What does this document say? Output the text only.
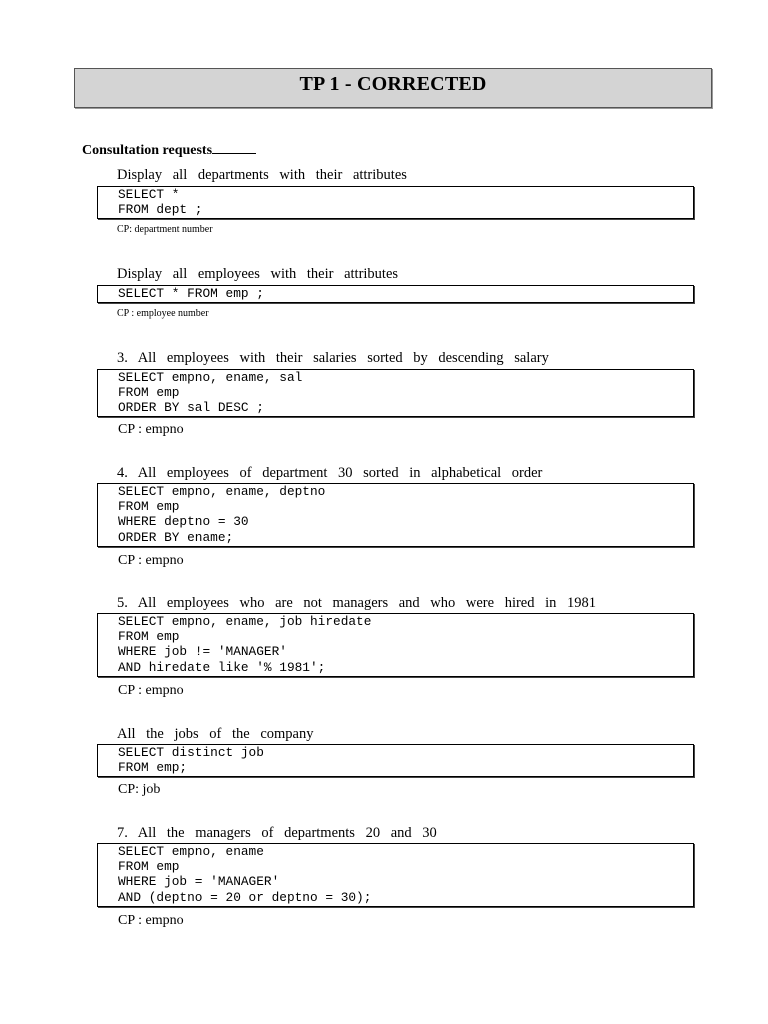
TP 1 - CORRECTED
Consultation requests
Display all departments with their attributes
SELECT *
FROM dept ;
CP: department number
Display all employees with their attributes
SELECT * FROM emp ;
CP : employee number
3. All employees with their salaries sorted by descending salary
SELECT empno, ename, sal
FROM emp
ORDER BY sal DESC ;
CP : empno
4. All employees of department 30 sorted in alphabetical order
SELECT empno, ename, deptno
FROM emp
WHERE deptno = 30
ORDER BY ename;
CP : empno
5. All employees who are not managers and who were hired in 1981
SELECT empno, ename, job hiredate
FROM emp
WHERE job != 'MANAGER'
AND hiredate like '% 1981';
CP : empno
All the jobs of the company
SELECT distinct job
FROM emp;
CP: job
7. All the managers of departments 20 and 30
SELECT empno, ename
FROM emp
WHERE job = 'MANAGER'
AND (deptno = 20 or deptno = 30);
CP : empno
